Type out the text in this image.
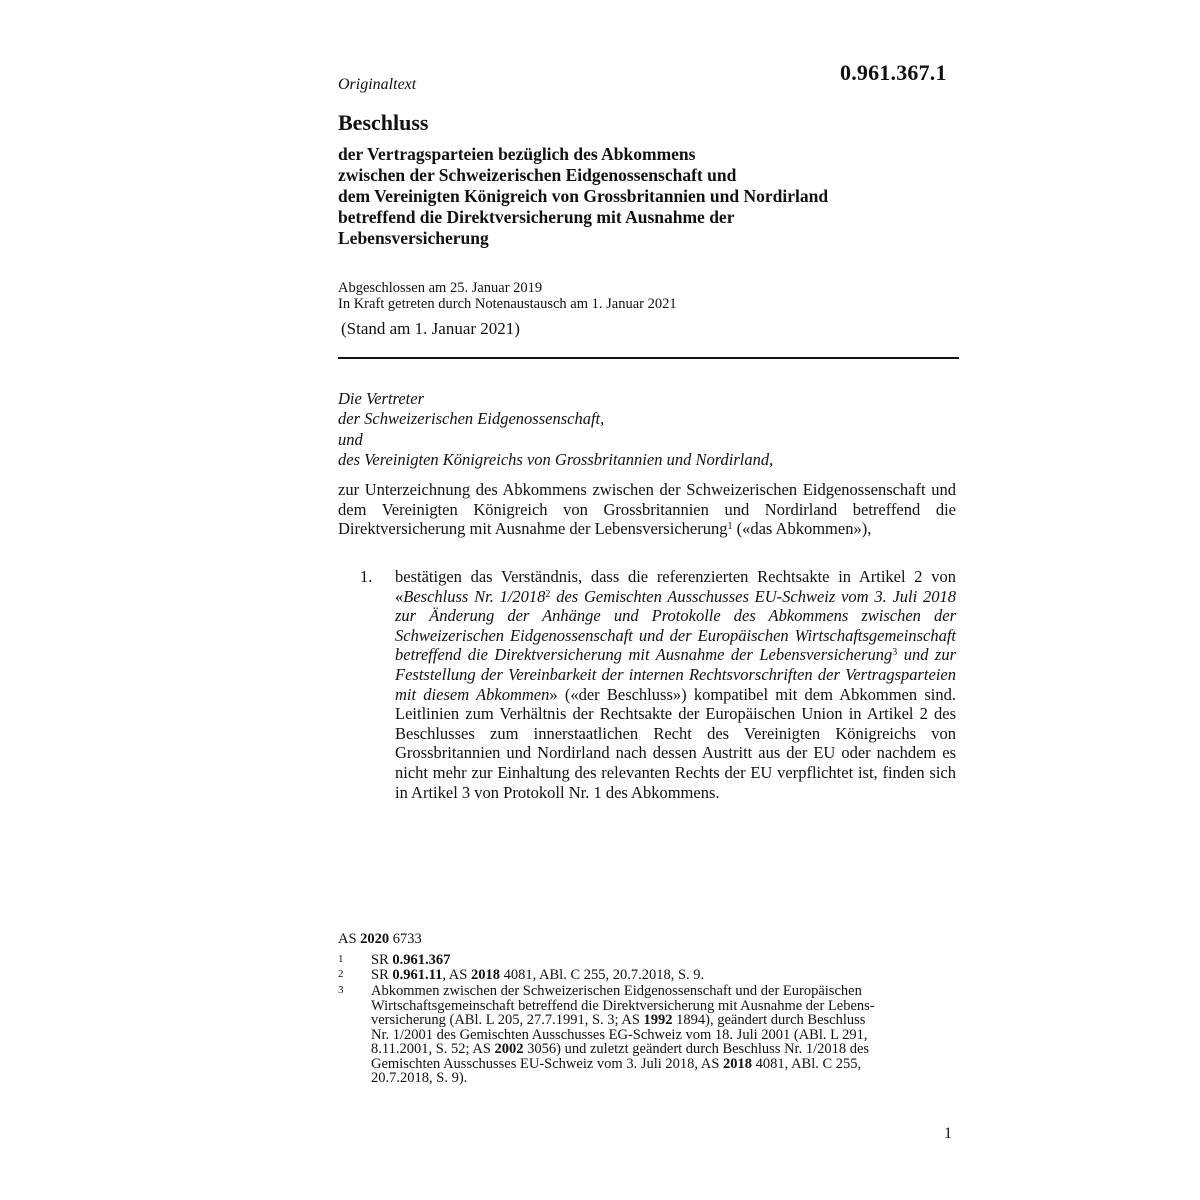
0.961.367.1
Originaltext
Beschluss
der Vertragsparteien bezüglich des Abkommens
zwischen der Schweizerischen Eidgenossenschaft und
dem Vereinigten Königreich von Grossbritannien und Nordirland
betreffend die Direktversicherung mit Ausnahme der
Lebensversicherung
Abgeschlossen am 25. Januar 2019
In Kraft getreten durch Notenaustausch am 1. Januar 2021
(Stand am 1. Januar 2021)
Die Vertreter
der Schweizerischen Eidgenossenschaft,
und
des Vereinigten Königreichs von Grossbritannien und Nordirland,
zur Unterzeichnung des Abkommens zwischen der Schweizerischen Eidgenossenschaft und dem Vereinigten Königreich von Grossbritannien und Nordirland betreffend die Direktversicherung mit Ausnahme der Lebensversicherung$^1$ («das Abkommen»),
1. bestätigen das Verständnis, dass die referenzierten Rechtsakte in Artikel 2 von «Beschluss Nr. 1/2018$^2$ des Gemischten Ausschusses EU-Schweiz vom 3. Juli 2018 zur Änderung der Anhänge und Protokolle des Abkommens zwischen der Schweizerischen Eidgenossenschaft und der Europäischen Wirtschaftsgemeinschaft betreffend die Direktversicherung mit Ausnahme der Lebensversicherung$^3$ und zur Feststellung der Vereinbarkeit der internen Rechtsvorschriften der Vertragsparteien mit diesem Abkommen» («der Beschluss») kompatibel mit dem Abkommen sind. Leitlinien zum Verhältnis der Rechtsakte der Europäischen Union in Artikel 2 des Beschlusses zum innerstaatlichen Recht des Vereinigten Königreichs von Grossbritannien und Nordirland nach dessen Austritt aus der EU oder nachdem es nicht mehr zur Einhaltung des relevanten Rechts der EU verpflichtet ist, finden sich in Artikel 3 von Protokoll Nr. 1 des Abkommens.
AS 2020 6733
1 SR 0.961.367
2 SR 0.961.11, AS 2018 4081, ABl. C 255, 20.7.2018, S. 9.
3 Abkommen zwischen der Schweizerischen Eidgenossenschaft und der Europäischen
Wirtschaftsgemeinschaft betreffend die Direktversicherung mit Ausnahme der Lebens-
versicherung (ABl. L 205, 27.7.1991, S. 3; AS 1992 1894), geändert durch Beschluss
Nr. 1/2001 des Gemischten Ausschusses EG-Schweiz vom 18. Juli 2001 (ABl. L 291,
8.11.2001, S. 52; AS 2002 3056) und zuletzt geändert durch Beschluss Nr. 1/2018 des
Gemischten Ausschusses EU-Schweiz vom 3. Juli 2018, AS 2018 4081, ABl. C 255,
20.7.2018, S. 9).
1
